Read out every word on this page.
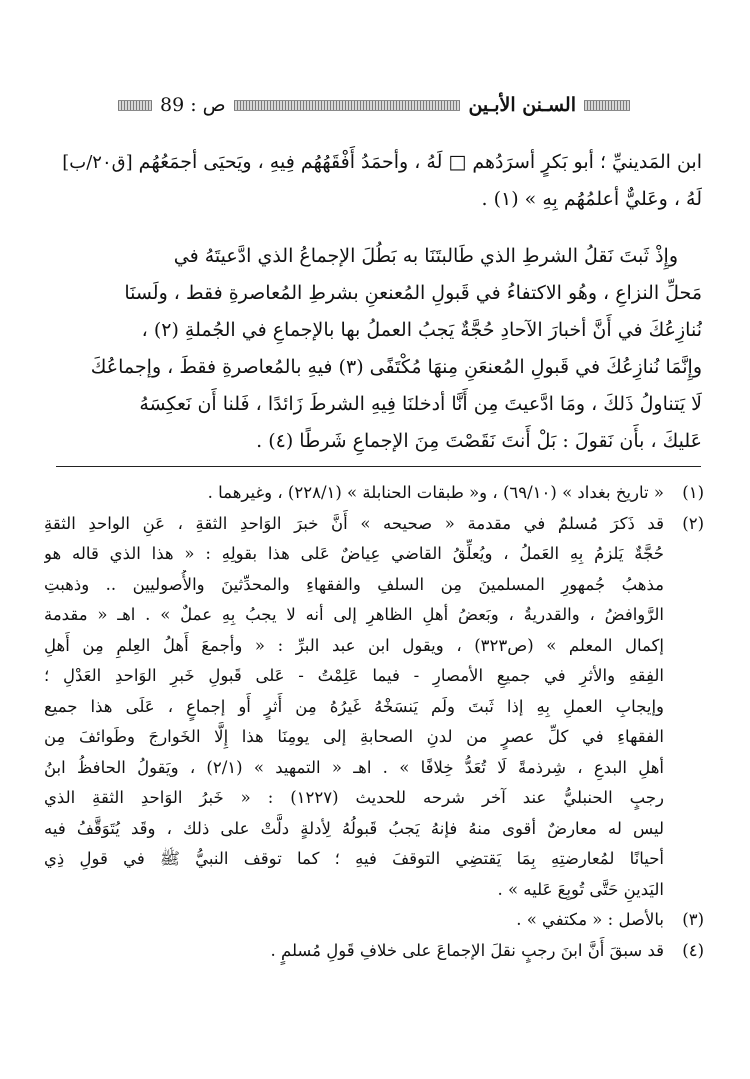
السـنن الأبـين
ص : 89
ابن المَدينيِّ ؛ أبو بَكرٍ أسرَدُهم □ لَهُ ، وأحمَدُ أَفْقَهُهُم فِيهِ ، ويَحيَى أجمَعُهُم [ق٢٠/ب]
لَهُ ، وعَليٌّ أعلمُهُم بِهِ » (١) .
وإِذْ ثَبتَ نَقلُ الشرطِ الذي طَالبتَنَا به بَطُلَ الإجماعُ الذي ادَّعيتَهُ في
مَحلِّ النزاعِ ، وهُو الاكتفاءُ في قَبولِ المُعنعنِ بشرطِ المُعاصرةِ فقط ، ولَسنَا
نُنازِعُكَ في أَنَّ أخبارَ الآحادِ حُجَّةٌ يَجبُ العملُ بها بالإجماعِ في الجُملةِ (٢) ،
وإِنَّمَا نُنازِعُكَ في قَبولِ المُعنعَنِ مِنهَا مُكْتَفًى (٣) فيهِ بالمُعاصرةِ فقطَ ، وإجماعُكَ
لَا يَتناولُ ذَلكَ ، ومَا ادَّعيتَ مِن أَنَّا أدخلنَا فِيهِ الشرطَ زَائدًا ، فَلنا أَن نَعكِسَهُ
عَليكَ ، بأَن نَقولَ : بَلْ أَنتَ نَقَصْتَ مِنَ الإجماعِ شَرطًا (٤) .
(١)
« تاريخ بغداد » (٦٩/١٠) ، و« طبقات الحنابلة » (٢٢٨/١) ، وغيرهما .
(٢)
قد ذَكرَ مُسلمٌ في مقدمة « صحيحه » أَنَّ خبرَ الوَاحدِ الثقةِ ، عَنِ الواحدِ الثقةِ
حُجَّةٌ يَلزمُ بِهِ العَملُ ، ويُعلِّقُ القاضي عِياضٌ عَلى هذا بقولِهِ : « هذا الذي قاله هو
مذهبُ جُمهورِ المسلمينَ مِن السلفِ والفقهاءِ والمحدِّثينَ والأُصوليين .. وذهبتِ
الرَّوافضُ ، والقدريةُ ، وبَعضُ أهلِ الظاهرِ إلى أنه لا يجبُ بِهِ عملٌ » . اهـ « مقدمة
إكمال المعلم » (ص٣٢٣) ، ويقول ابن عبد البرِّ : « وأجمعَ أَهلُ العِلمِ مِن أَهلِ
الفِقهِ والأثرِ في جميعِ الأمصارِ - فيما عَلِمْتُ - عَلى قَبولِ خَبرِ الوَاحدِ العَدْلِ ؛
وإيجابِ العملِ بِهِ إذا ثَبتَ ولَم يَنسَخْهُ غَيرُهُ مِن أَثرٍ أَو إجماعٍ ، عَلَى هذا جميع
الفقهاءِ في كلِّ عصرٍ من لدنِ الصحابةِ إلى يومِنَا هذا إِلَّا الخَوارجَ وطَوائفَ مِن
أهلِ البدعِ ، شِرذمةً لَا تُعَدُّ خِلافًا » . اهـ « التمهيد » (٢/١) ، ويَقولُ الحافظُ ابنُ
رجبٍ الحنبليُّ عند آخر شرحه للحديث (١٢٢٧) : « خَبرُ الوَاحدِ الثقةِ الذي
ليس له معارضٌ أقوى منهُ فإنهُ يَجبُ قَبولُهُ لِأدلةٍ دلَّتْ على ذلك ، وقَد يُتَوَقَّفُ فيه
أحيانًا لمُعارضتِهِ بِمَا يَقتضِي التوقفَ فيهِ ؛ كما توقف النبيُّ ﷺ في قولِ ذِي
اليَدينِ حَتَّى تُوبِعَ عَليه » .
(٣)
بالأصل : « مكتفي » .
(٤)
قد سبقَ أَنَّ ابنَ رجبٍ نقلَ الإجماعَ على خلافِ قَولِ مُسلمٍ .
